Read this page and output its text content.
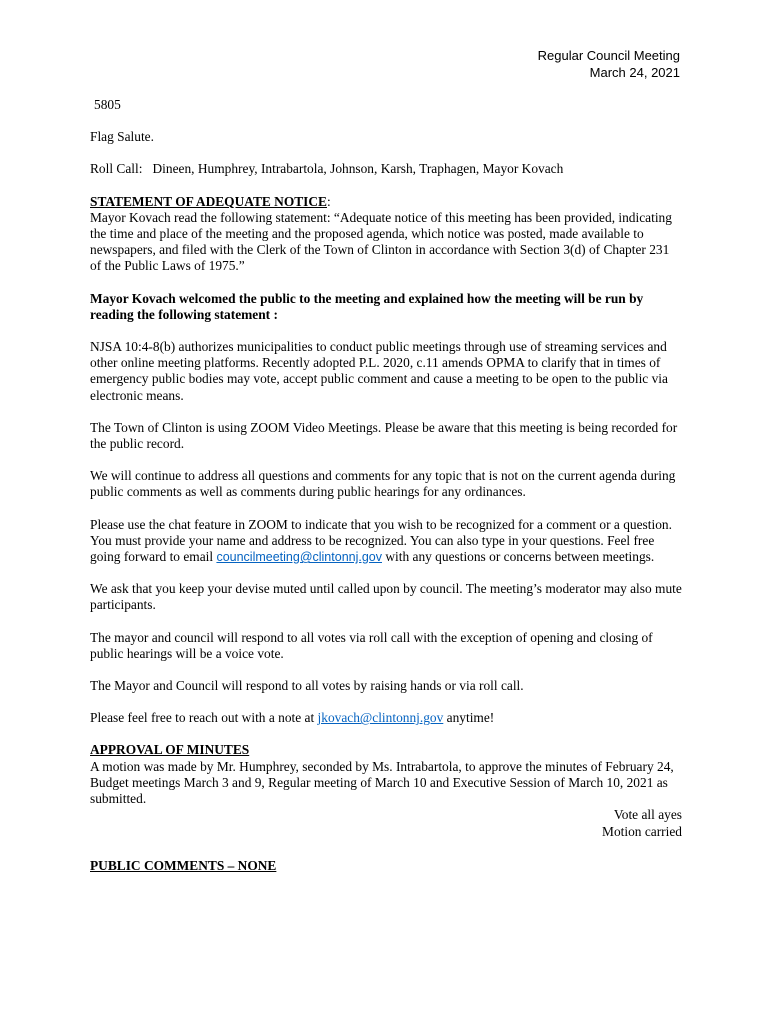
Regular Council Meeting
March 24, 2021

5805

Flag Salute.

Roll Call: Dineen, Humphrey, Intrabartola, Johnson, Karsh, Traphagen, Mayor Kovach

STATEMENT OF ADEQUATE NOTICE:

Mayor Kovach read the following statement: “Adequate notice of this meeting has been provided, indicating the time and place of the meeting and the proposed agenda, which notice was posted, made available to newspapers, and filed with the Clerk of the Town of Clinton in accordance with Section 3(d) of Chapter 231 of the Public Laws of 1975.”

Mayor Kovach welcomed the public to the meeting and explained how the meeting will be run by reading the following statement :

NJSA 10:4-8(b) authorizes municipalities to conduct public meetings through use of streaming services and other online meeting platforms. Recently adopted P.L. 2020, c.11 amends OPMA to clarify that in times of emergency public bodies may vote, accept public comment and cause a meeting to be open to the public via electronic means.

The Town of Clinton is using ZOOM Video Meetings. Please be aware that this meeting is being recorded for the public record.

We will continue to address all questions and comments for any topic that is not on the current agenda during public comments as well as comments during public hearings for any ordinances.

Please use the chat feature in ZOOM to indicate that you wish to be recognized for a comment or a question. You must provide your name and address to be recognized. You can also type in your questions. Feel free going forward to email councilmeeting@clintonnj.gov with any questions or concerns between meetings.

We ask that you keep your devise muted until called upon by council. The meeting’s moderator may also mute participants.

The mayor and council will respond to all votes via roll call with the exception of opening and closing of public hearings will be a voice vote.

The Mayor and Council will respond to all votes by raising hands or via roll call.

Please feel free to reach out with a note at jkovach@clintonnj.gov anytime!

APPROVAL OF MINUTES

A motion was made by Mr. Humphrey, seconded by Ms. Intrabartola, to approve the minutes of February 24, Budget meetings March 3 and 9, Regular meeting of March 10 and Executive Session of March 10, 2021 as submitted.

Vote all ayes

Motion carried

PUBLIC COMMENTS – NONE
